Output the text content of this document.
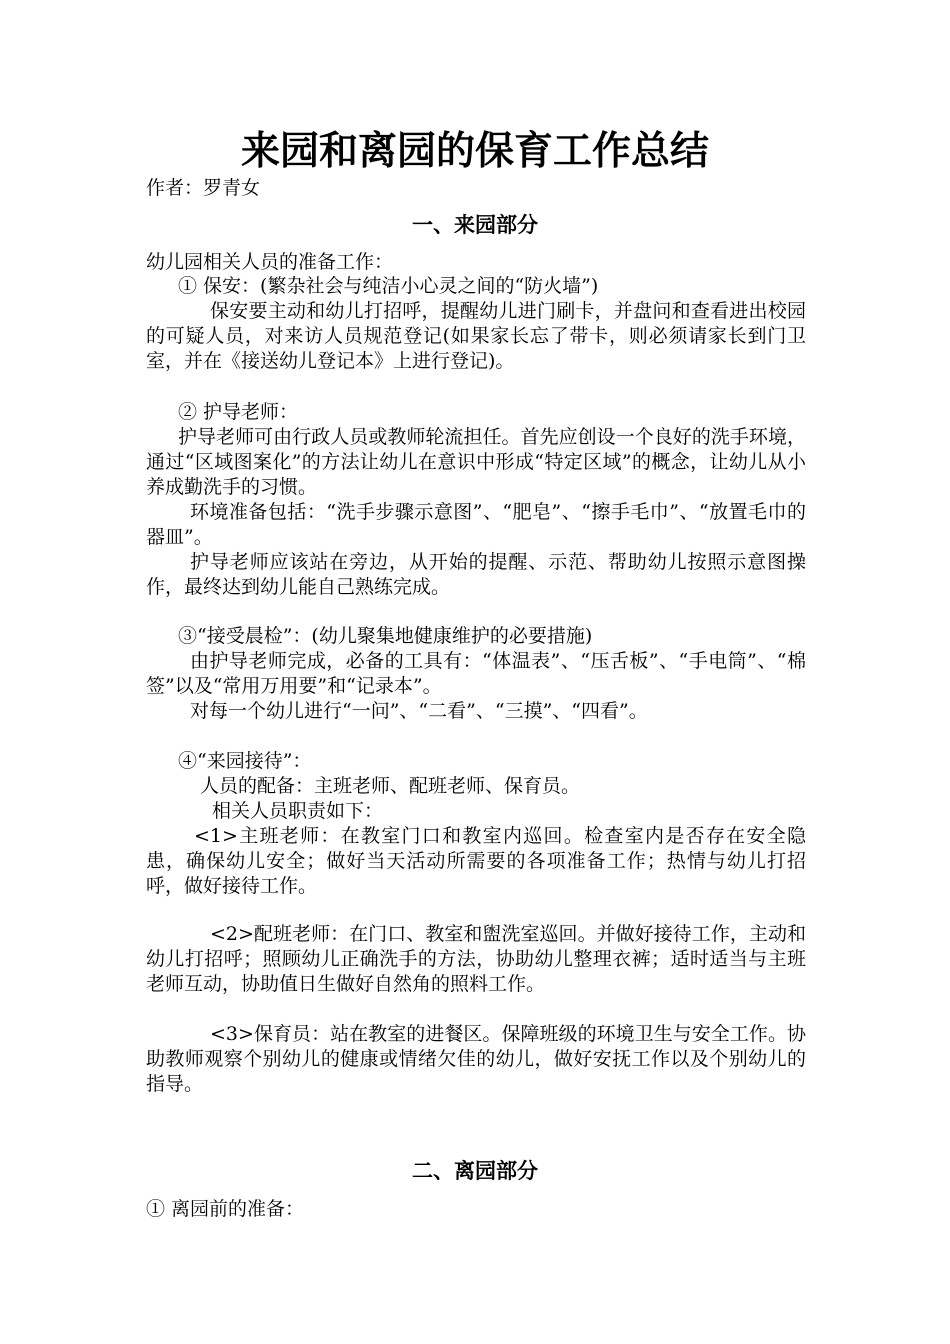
来园和离园的保育工作总结
作者：罗青女
一、来园部分
幼儿园相关人员的准备工作：
① 保安：(繁杂社会与纯洁小心灵之间的“防火墙”)
保安要主动和幼儿打招呼，提醒幼儿进门刷卡，并盘问和查看进出校园的可疑人员，对来访人员规范登记(如果家长忘了带卡，则必须请家长到门卫室，并在《接送幼儿登记本》上进行登记)。
② 护导老师：
护导老师可由行政人员或教师轮流担任。首先应创设一个良好的洗手环境，通过“区域图案化”的方法让幼儿在意识中形成“特定区域”的概念，让幼儿从小养成勤洗手的习惯。
环境准备包括：“洗手步骤示意图”、“肥皂”、“擦手毛巾”、“放置毛巾的器皿”。
护导老师应该站在旁边，从开始的提醒、示范、帮助幼儿按照示意图操作，最终达到幼儿能自己熟练完成。
③“接受晨检”：(幼儿聚集地健康维护的必要措施)
由护导老师完成，必备的工具有：“体温表”、“压舌板”、“手电筒”、“棉签”以及“常用万用要”和“记录本”。
对每一个幼儿进行“一问”、“二看”、“三摸”、“四看”。
④“来园接待”：
人员的配备：主班老师、配班老师、保育员。
相关人员职责如下：
<1>主班老师：在教室门口和教室内巡回。检查室内是否存在安全隐患，确保幼儿安全；做好当天活动所需要的各项准备工作；热情与幼儿打招呼，做好接待工作。
<2>配班老师：在门口、教室和盥洗室巡回。并做好接待工作，主动和幼儿打招呼；照顾幼儿正确洗手的方法，协助幼儿整理衣裤；适时适当与主班老师互动，协助值日生做好自然角的照料工作。
<3>保育员：站在教室的进餐区。保障班级的环境卫生与安全工作。协助教师观察个别幼儿的健康或情绪欠佳的幼儿，做好安抚工作以及个别幼儿的指导。
二、离园部分
① 离园前的准备：
